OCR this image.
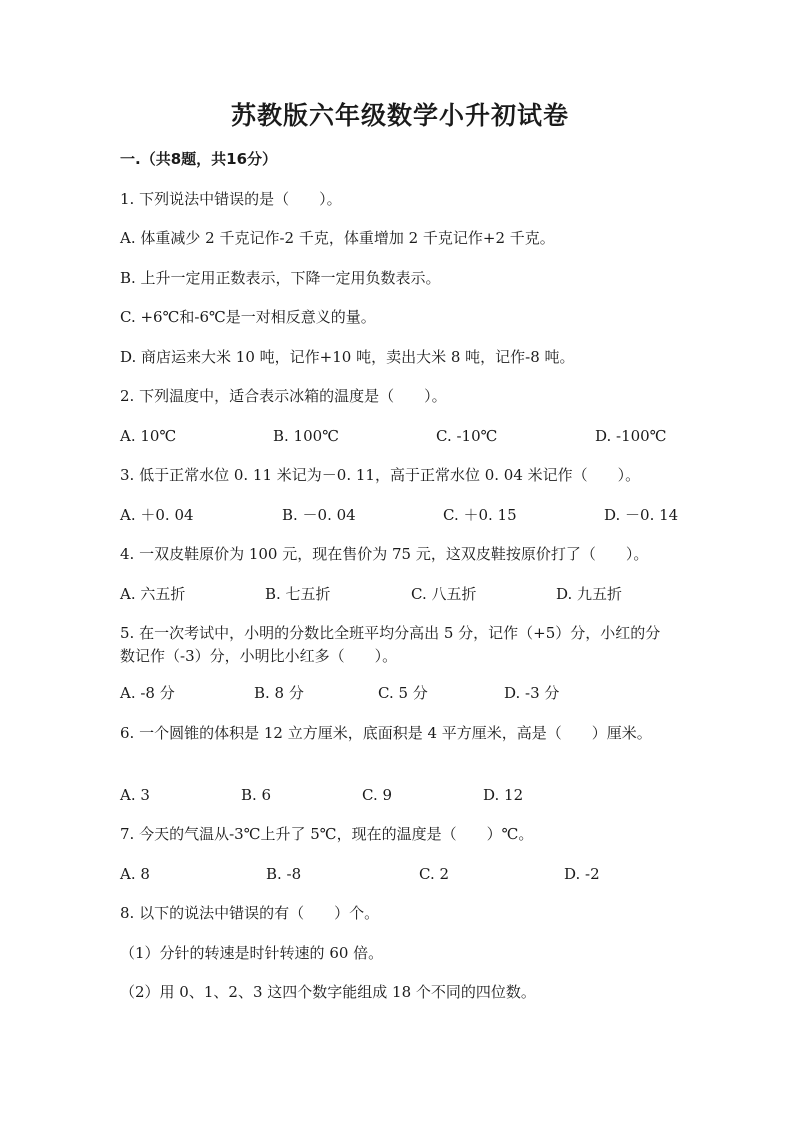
苏教版六年级数学小升初试卷
一.（共8题，共16分）
1. 下列说法中错误的是（　　）。
A. 体重减少 2 千克记作-2 千克，体重增加 2 千克记作+2 千克。
B. 上升一定用正数表示，下降一定用负数表示。
C. +6℃和-6℃是一对相反意义的量。
D. 商店运来大米 10 吨，记作+10 吨，卖出大米 8 吨，记作-8 吨。
2. 下列温度中，适合表示冰箱的温度是（　　）。
A. 10℃	B. 100℃	C. -10℃	D. -100℃
3. 低于正常水位 0. 11 米记为－0. 11，高于正常水位 0. 04 米记作（　　）。
A. ＋0. 04	B. －0. 04	C. ＋0. 15	D. －0. 14
4. 一双皮鞋原价为 100 元，现在售价为 75 元，这双皮鞋按原价打了（　　）。
A. 六五折	B. 七五折	C. 八五折	D. 九五折
5. 在一次考试中，小明的分数比全班平均分高出 5 分，记作（+5）分，小红的分数记作（-3）分，小明比小红多（　　）。
A. -8 分	B. 8 分	C. 5 分	D. -3 分
6. 一个圆锥的体积是 12 立方厘米，底面积是 4 平方厘米，高是（　　）厘米。
A. 3	B. 6	C. 9	D. 12
7. 今天的气温从-3℃上升了 5℃，现在的温度是（　　）℃。
A. 8	B. -8	C. 2	D. -2
8. 以下的说法中错误的有（　　）个。
（1）分针的转速是时针转速的 60 倍。
（2）用 0、1、2、3 这四个数字能组成 18 个不同的四位数。
